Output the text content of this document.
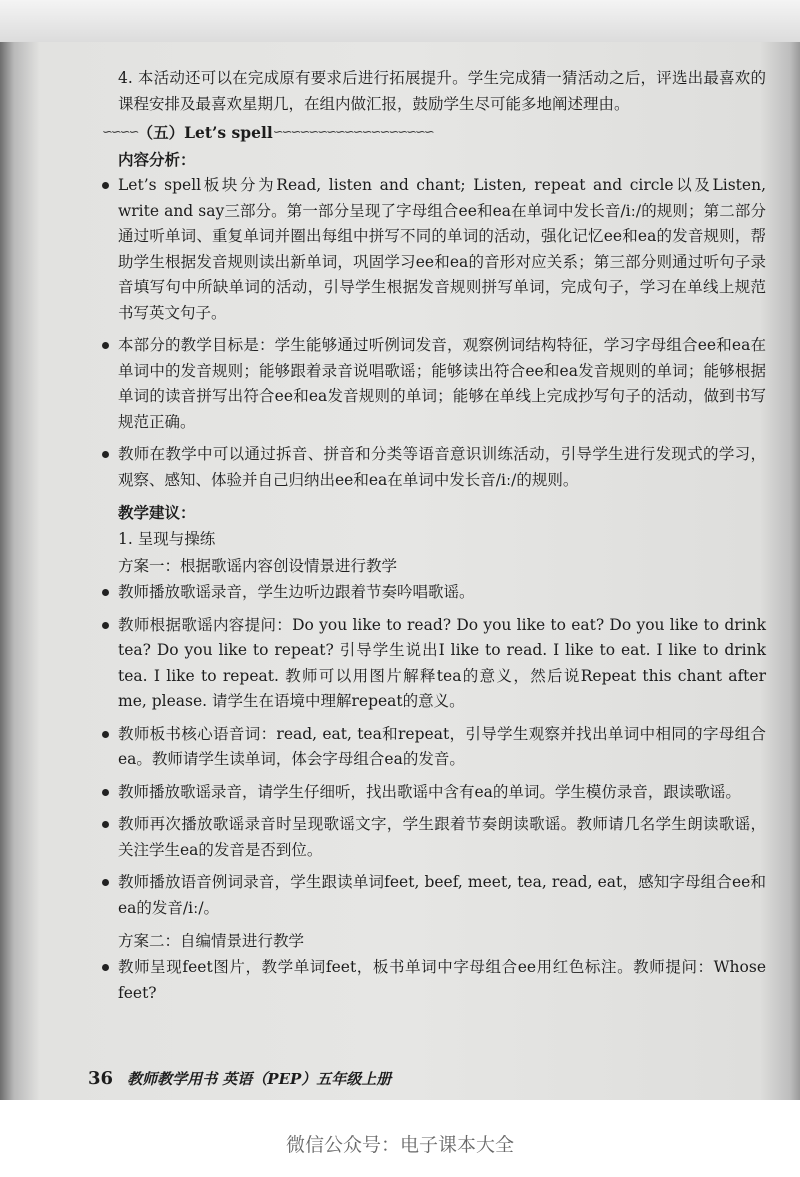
4. 本活动还可以在完成原有要求后进行拓展提升。学生完成猜一猜活动之后，评选出最喜欢的课程安排及最喜欢星期几，在组内做汇报，鼓励学生尽可能多地阐述理由。

∽∽∽∽ （五）Let’s spell ∽∽∽∽∽∽∽∽∽∽∽∽∽∽∽∽∽∽
内容分析：

Let’s spell板块分为Read, listen and chant; Listen, repeat and circle以及Listen, write and say三部分。第一部分呈现了字母组合ee和ea在单词中发长音/iː/的规则；第二部分通过听单词、重复单词并圈出每组中拼写不同的单词的活动，强化记忆ee和ea的发音规则，帮助学生根据发音规则读出新单词，巩固学习ee和ea的音形对应关系；第三部分则通过听句子录音填写句中所缺单词的活动，引导学生根据发音规则拼写单词，完成句子，学习在单线上规范书写英文句子。

本部分的教学目标是：学生能够通过听例词发音，观察例词结构特征，学习字母组合ee和ea在单词中的发音规则；能够跟着录音说唱歌谣；能够读出符合ee和ea发音规则的单词；能够根据单词的读音拼写出符合ee和ea发音规则的单词；能够在单线上完成抄写句子的活动，做到书写规范正确。

教师在教学中可以通过拆音、拼音和分类等语音意识训练活动，引导学生进行发现式的学习，观察、感知、体验并自己归纳出ee和ea在单词中发长音/iː/的规则。

教学建议：
1. 呈现与操练
方案一：根据歌谣内容创设情景进行教学

教师播放歌谣录音，学生边听边跟着节奏吟唱歌谣。

教师根据歌谣内容提问：Do you like to read? Do you like to eat? Do you like to drink tea? Do you like to repeat? 引导学生说出I like to read. I like to eat. I like to drink tea. I like to repeat. 教师可以用图片解释tea的意义，然后说Repeat this chant after me, please. 请学生在语境中理解repeat的意义。

教师板书核心语音词：read, eat, tea和repeat，引导学生观察并找出单词中相同的字母组合ea。教师请学生读单词，体会字母组合ea的发音。

教师播放歌谣录音，请学生仔细听，找出歌谣中含有ea的单词。学生模仿录音，跟读歌谣。

教师再次播放歌谣录音时呈现歌谣文字，学生跟着节奏朗读歌谣。教师请几名学生朗读歌谣，关注学生ea的发音是否到位。

教师播放语音例词录音，学生跟读单词feet, beef, meet, tea, read, eat，感知字母组合ee和ea的发音/iː/。

方案二：自编情景进行教学

教师呈现feet图片，教学单词feet，板书单词中字母组合ee用红色标注。教师提问：Whose feet?

36 教师教学用书 英语（PEP）五年级上册
微信公众号：电子课本大全
